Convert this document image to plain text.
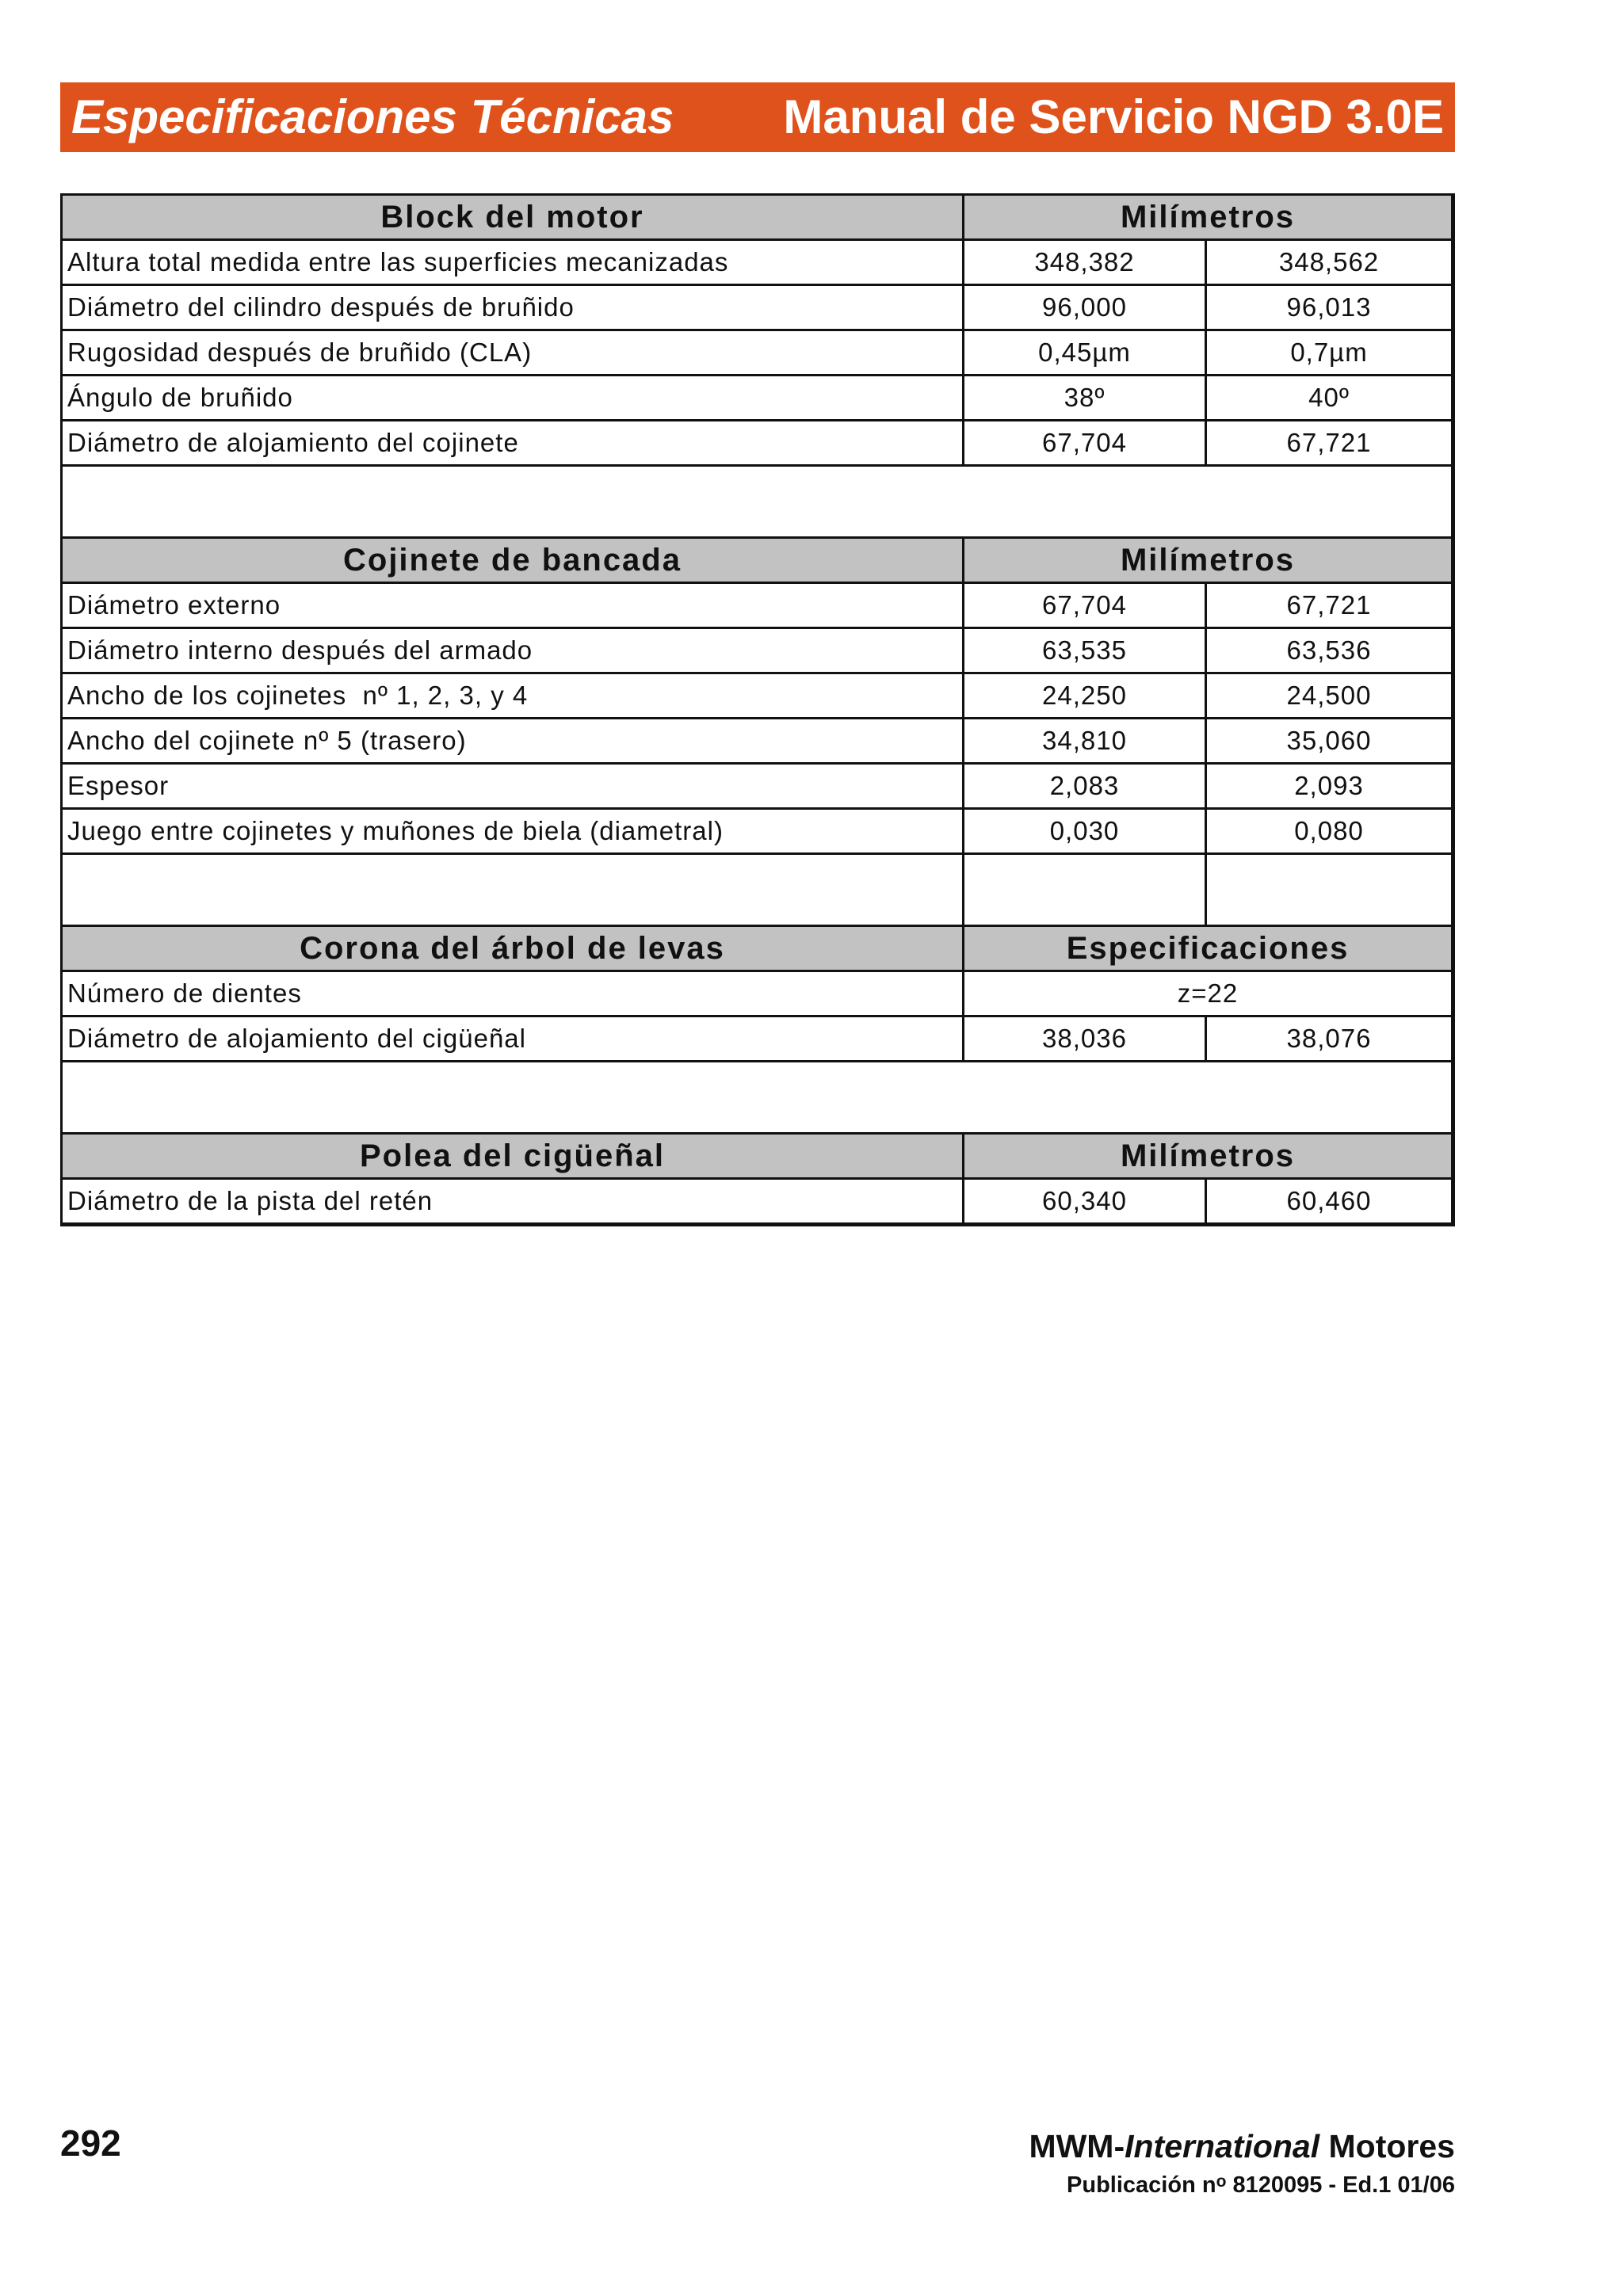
Especificaciones Técnicas Manual de Servicio NGD 3.0E
Block del motor	Milímetros	
Altura total medida entre las superficies mecanizadas	348,382	348,562
Diámetro del cilindro después de bruñido	96,000	96,013
Rugosidad después de bruñido (CLA)	0,45µm	0,7µm
Ángulo de bruñido	38º	40º
Diámetro de alojamiento del cojinete	67,704	67,721

Cojinete de bancada	Milímetros	
Diámetro externo	67,704	67,721
Diámetro interno después del armado	63,535	63,536
Ancho de los cojinetes  nº 1, 2, 3, y 4	24,250	24,500
Ancho del cojinete nº 5 (trasero)	34,810	35,060
Espesor	2,083	2,093
Juego entre cojinetes y muñones de biela (diametral)	0,030	0,080

Corona del árbol de levas	Especificaciones	
Número de dientes	z=22	
Diámetro de alojamiento del cigüeñal	38,036	38,076

Polea del cigüeñal	Milímetros	
Diámetro de la pista del retén	60,340	60,460
292	MWM-International Motores
Publicación $n^o$ 8120095 - Ed.1 01/06
